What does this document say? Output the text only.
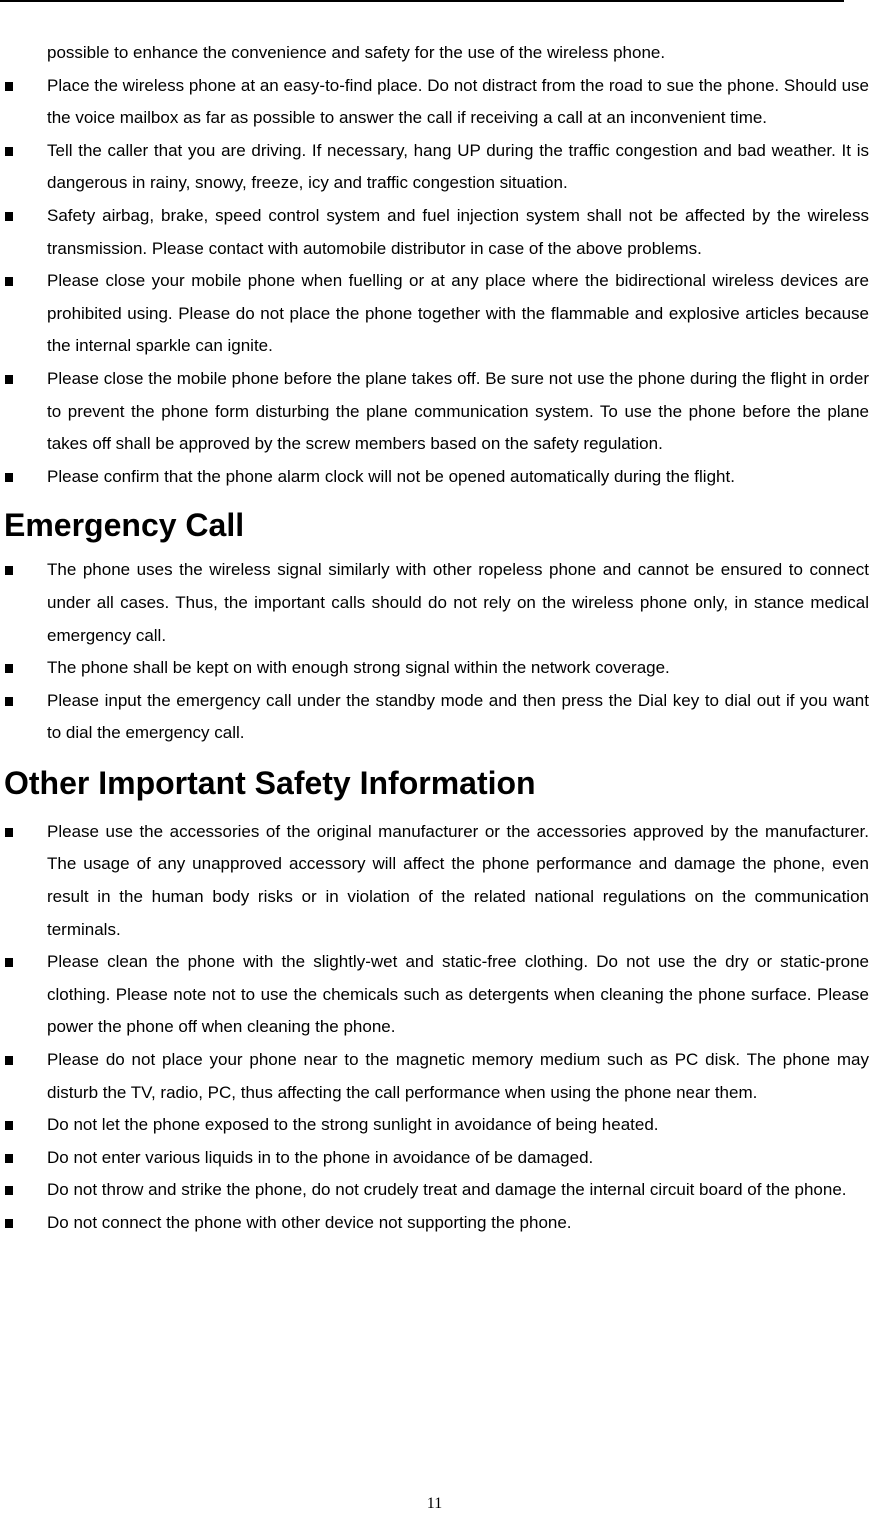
possible to enhance the convenience and safety for the use of the wireless phone.

Place the wireless phone at an easy-to-find place. Do not distract from the road to sue the phone. Should use the voice mailbox as far as possible to answer the call if receiving a call at an inconvenient time.
Tell the caller that you are driving. If necessary, hang UP during the traffic congestion and bad weather. It is dangerous in rainy, snowy, freeze, icy and traffic congestion situation.
Safety airbag, brake, speed control system and fuel injection system shall not be affected by the wireless transmission. Please contact with automobile distributor in case of the above problems.
Please close your mobile phone when fuelling or at any place where the bidirectional wireless devices are prohibited using. Please do not place the phone together with the flammable and explosive articles because the internal sparkle can ignite.
Please close the mobile phone before the plane takes off. Be sure not use the phone during the flight in order to prevent the phone form disturbing the plane communication system. To use the phone before the plane takes off shall be approved by the screw members based on the safety regulation.
Please confirm that the phone alarm clock will not be opened automatically during the flight.
Emergency Call
The phone uses the wireless signal similarly with other ropeless phone and cannot be ensured to connect under all cases. Thus, the important calls should do not rely on the wireless phone only, in stance medical emergency call.
The phone shall be kept on with enough strong signal within the network coverage.
Please input the emergency call under the standby mode and then press the Dial key to dial out if you want to dial the emergency call.
Other Important Safety Information
Please use the accessories of the original manufacturer or the accessories approved by the manufacturer. The usage of any unapproved accessory will affect the phone performance and damage the phone, even result in the human body risks or in violation of the related national regulations on the communication terminals.
Please clean the phone with the slightly-wet and static-free clothing. Do not use the dry or static-prone clothing. Please note not to use the chemicals such as detergents when cleaning the phone surface. Please power the phone off when cleaning the phone.
Please do not place your phone near to the magnetic memory medium such as PC disk. The phone may disturb the TV, radio, PC, thus affecting the call performance when using the phone near them.
Do not let the phone exposed to the strong sunlight in avoidance of being heated.
Do not enter various liquids in to the phone in avoidance of be damaged.
Do not throw and strike the phone, do not crudely treat and damage the internal circuit board of the phone.
Do not connect the phone with other device not supporting the phone.
11
